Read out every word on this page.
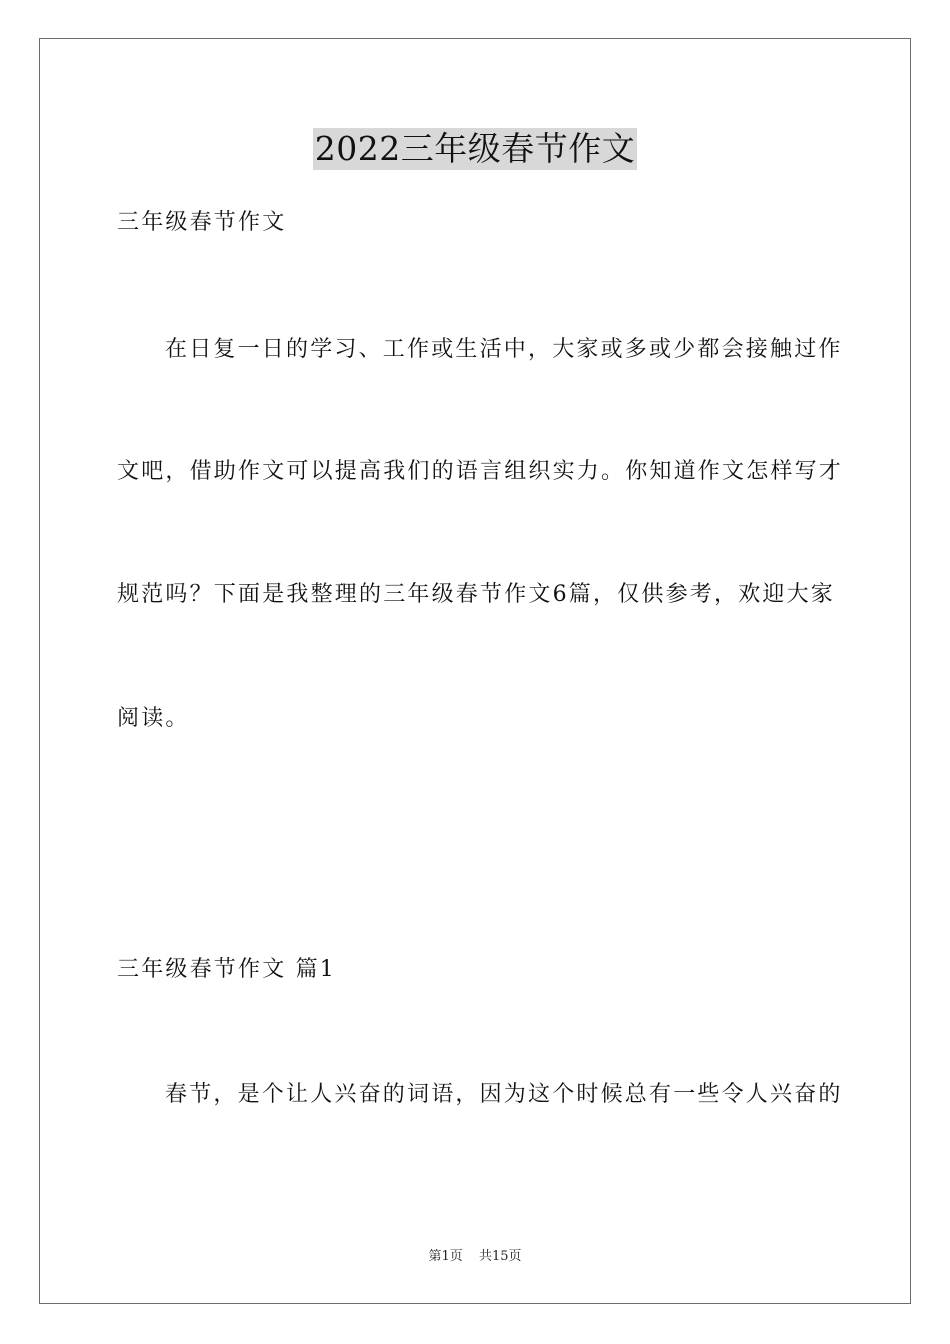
2022三年级春节作文
三年级春节作文
在日复一日的学习、工作或生活中，大家或多或少都会接触过作
文吧，借助作文可以提高我们的语言组织实力。你知道作文怎样写才
规范吗？下面是我整理的三年级春节作文6篇，仅供参考，欢迎大家
阅读。
三年级春节作文 篇1
春节，是个让人兴奋的词语，因为这个时候总有一些令人兴奋的
第1页 共15页
